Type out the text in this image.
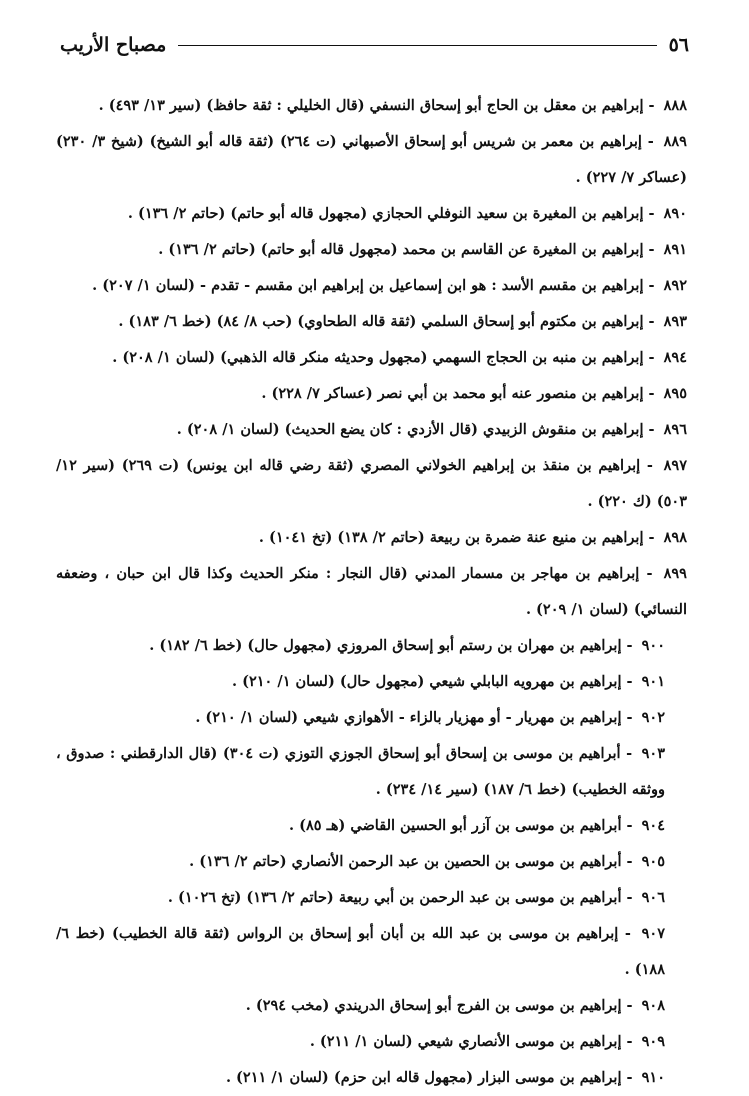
٥٦
مصباح الأريب
٨٨٨ - إبراهيم بن معقل بن الحاج أبو إسحاق النسفي (قال الخليلي : ثقة حافظ) (سير ١٣/ ٤٩٣) .
٨٨٩ - إبراهيم بن معمر بن شريس أبو إسحاق الأصبهاني (ت ٢٦٤) (ثقة قاله أبو الشيخ) (شيخ ٣/ ٢٣٠) (عساكر ٧/ ٢٢٧) .
٨٩٠ - إبراهيم بن المغيرة بن سعيد النوفلي الحجازي (مجهول قاله أبو حاتم) (حاتم ٢/ ١٣٦) .
٨٩١ - إبراهيم بن المغيرة عن القاسم بن محمد (مجهول قاله أبو حاتم) (حاتم ٢/ ١٣٦) .
٨٩٢ - إبراهيم بن مقسم الأسد : هو ابن إسماعيل بن إبراهيم ابن مقسم - تقدم - (لسان ١/ ٢٠٧) .
٨٩٣ - إبراهيم بن مكتوم أبو إسحاق السلمي (ثقة قاله الطحاوي) (حب ٨/ ٨٤) (خط ٦/ ١٨٣) .
٨٩٤ - إبراهيم بن منبه بن الحجاج السهمي (مجهول وحديثه منكر قاله الذهبي) (لسان ١/ ٢٠٨) .
٨٩٥ - إبراهيم بن منصور عنه أبو محمد بن أبي نصر (عساكر ٧/ ٢٢٨) .
٨٩٦ - إبراهيم بن منقوش الزبيدي (قال الأزدي : كان يضع الحديث) (لسان ١/ ٢٠٨) .
٨٩٧ - إبراهيم بن منقذ بن إبراهيم الخولاني المصري (ثقة رضي قاله ابن يونس) (ت ٢٦٩) (سير ١٢/ ٥٠٣) (ك ٢٢٠) .
٨٩٨ - إبراهيم بن منيع عنة ضمرة بن ربيعة (حاتم ٢/ ١٣٨) (تخ ١٠٤١) .
٨٩٩ - إبراهيم بن مهاجر بن مسمار المدني (قال النجار : منكر الحديث وكذا قال ابن حبان ، وضعفه النسائي) (لسان ١/ ٢٠٩) .
٩٠٠ - إبراهيم بن مهران بن رستم أبو إسحاق المروزي (مجهول حال) (خط ٦/ ١٨٢) .
٩٠١ - إبراهيم بن مهرويه البابلي شيعي (مجهول حال) (لسان ١/ ٢١٠) .
٩٠٢ - إبراهيم بن مهريار - أو مهزيار بالزاء - الأهوازي شيعي (لسان ١/ ٢١٠) .
٩٠٣ - أبراهيم بن موسى بن إسحاق أبو إسحاق الجوزي التوزي (ت ٣٠٤) (قال الدارقطني : صدوق ، ووثقه الخطيب) (خط ٦/ ١٨٧) (سير ١٤/ ٢٣٤) .
٩٠٤ - أبراهيم بن موسى بن آزر أبو الحسين القاضي (هـ ٨٥) .
٩٠٥ - أبراهيم بن موسى بن الحصين بن عبد الرحمن الأنصاري (حاتم ٢/ ١٣٦) .
٩٠٦ - أبراهيم بن موسى بن عبد الرحمن بن أبي ربيعة (حاتم ٢/ ١٣٦) (تخ ١٠٢٦) .
٩٠٧ - إبراهيم بن موسى بن عبد الله بن أبان أبو إسحاق بن الرواس (ثقة قالة الخطيب) (خط ٦/ ١٨٨) .
٩٠٨ - إبراهيم بن موسى بن الفرج أبو إسحاق الدريندي (مخب ٢٩٤) .
٩٠٩ - إبراهيم بن موسى الأنصاري شيعي (لسان ١/ ٢١١) .
٩١٠ - إبراهيم بن موسى البزار (مجهول قاله ابن حزم) (لسان ١/ ٢١١) .
